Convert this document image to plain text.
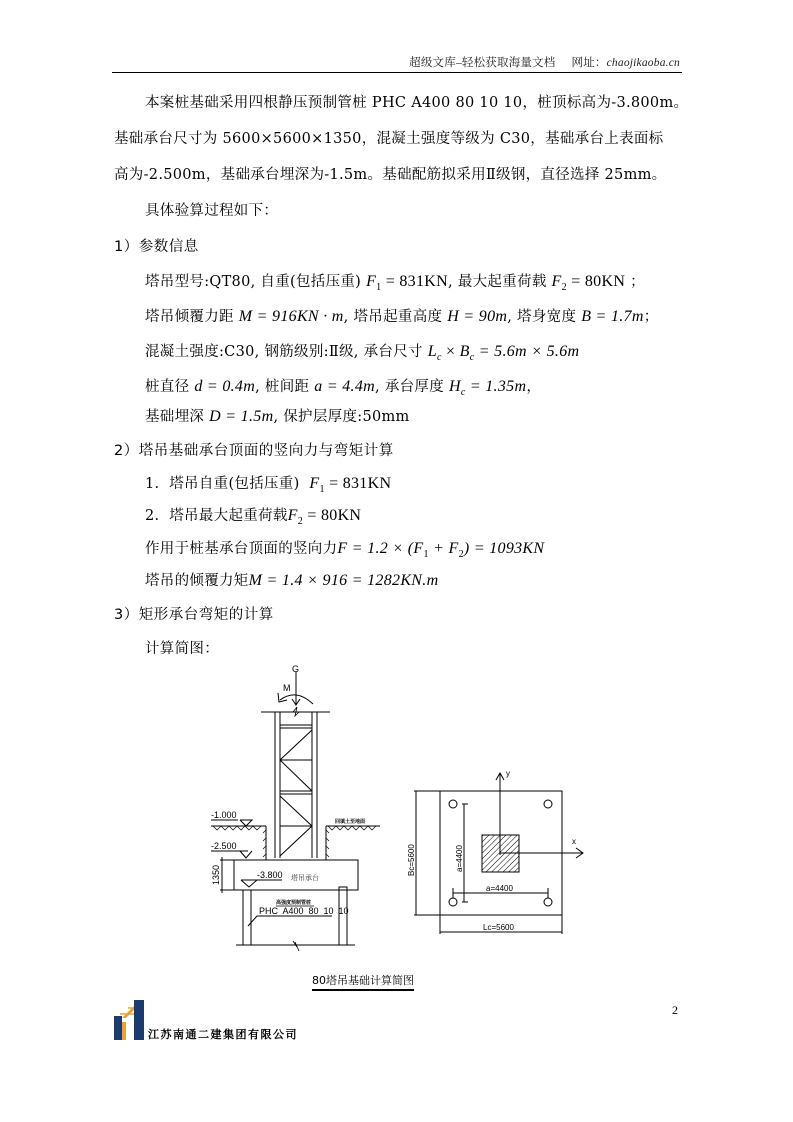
超级文库–轻松获取海量文档 网址：chaojikaoba.cn
本案桩基础采用四根静压预制管桩 PHC A400 80 10 10，桩顶标高为-3.800m。
基础承台尺寸为 5600×5600×1350，混凝土强度等级为 C30，基础承台上表面标
高为-2.500m，基础承台埋深为-1.5m。基础配筋拟采用Ⅱ级钢，直径选择 25mm。
具体验算过程如下：
1）参数信息
塔吊型号:QT80, 自重(包括压重) $F_1 = 831KN$, 最大起重荷载 $F_2 = 80KN$ ；
塔吊倾覆力距 M = 916KN · m, 塔吊起重高度 H = 90m, 塔身宽度 B = 1.7m；
混凝土强度:C30, 钢筋级别:Ⅱ级, 承台尺寸 $L_c \times B_c = 5.6m \times 5.6m$
桩直径 d = 0.4m, 桩间距 a = 4.4m, 承台厚度 $H_c = 1.35m$，
基础埋深 D = 1.5m, 保护层厚度:50mm
2）塔吊基础承台顶面的竖向力与弯矩计算
1.  塔吊自重(包括压重)  $F_1 = 831KN$
2.  塔吊最大起重荷载$F_2 = 80KN$
作用于桩基承台顶面的竖向力$F = 1.2 \times (F_1 + F_2) = 1093KN$
塔吊的倾覆力矩M = 1.4 × 916 = 1282KN.m
3）矩形承台弯矩的计算
计算简图：
G
M
-1.000
回填土至地面
-2.500
1350	-3.800 塔吊承台
高强度预制管桩
PHC  A400  80  10  10
y
x
Bc=5600	a=4400
a=4400
Lc=5600
80塔吊基础计算简图
2
江苏南通二建集团有限公司
